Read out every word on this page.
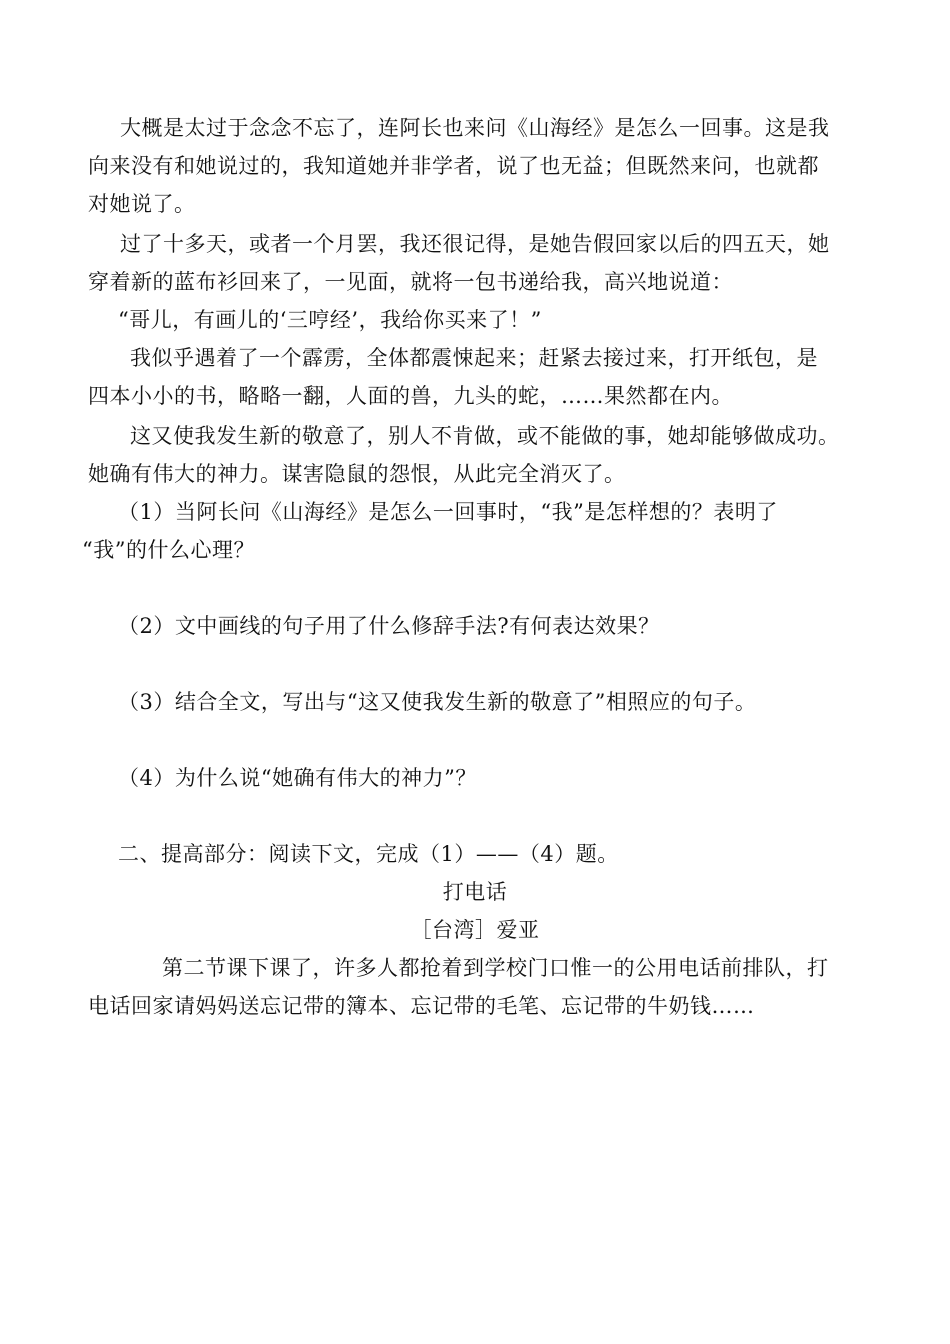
大概是太过于念念不忘了，连阿长也来问《山海经》是怎么一回事。这是我
向来没有和她说过的，我知道她并非学者，说了也无益；但既然来问，也就都
对她说了。
过了十多天，或者一个月罢，我还很记得，是她告假回家以后的四五天，她
穿着新的蓝布衫回来了，一见面，就将一包书递给我，高兴地说道：
“哥儿，有画儿的‘三哼经’，我给你买来了！”
我似乎遇着了一个霹雳，全体都震悚起来；赶紧去接过来，打开纸包，是
四本小小的书，略略一翻，人面的兽，九头的蛇，……果然都在内。
这又使我发生新的敬意了，别人不肯做，或不能做的事，她却能够做成功。
她确有伟大的神力。谋害隐鼠的怨恨，从此完全消灭了。
（1）当阿长问《山海经》是怎么一回事时，“我”是怎样想的？表明了
“我”的什么心理？
（2）文中画线的句子用了什么修辞手法?有何表达效果？
（3）结合全文，写出与“这又使我发生新的敬意了”相照应的句子。
（4）为什么说“她确有伟大的神力”？
二、提高部分：阅读下文，完成（1）——（4）题。
打电话
［台湾］爱亚
第二节课下课了，许多人都抢着到学校门口惟一的公用电话前排队，打
电话回家请妈妈送忘记带的簿本、忘记带的毛笔、忘记带的牛奶钱……
